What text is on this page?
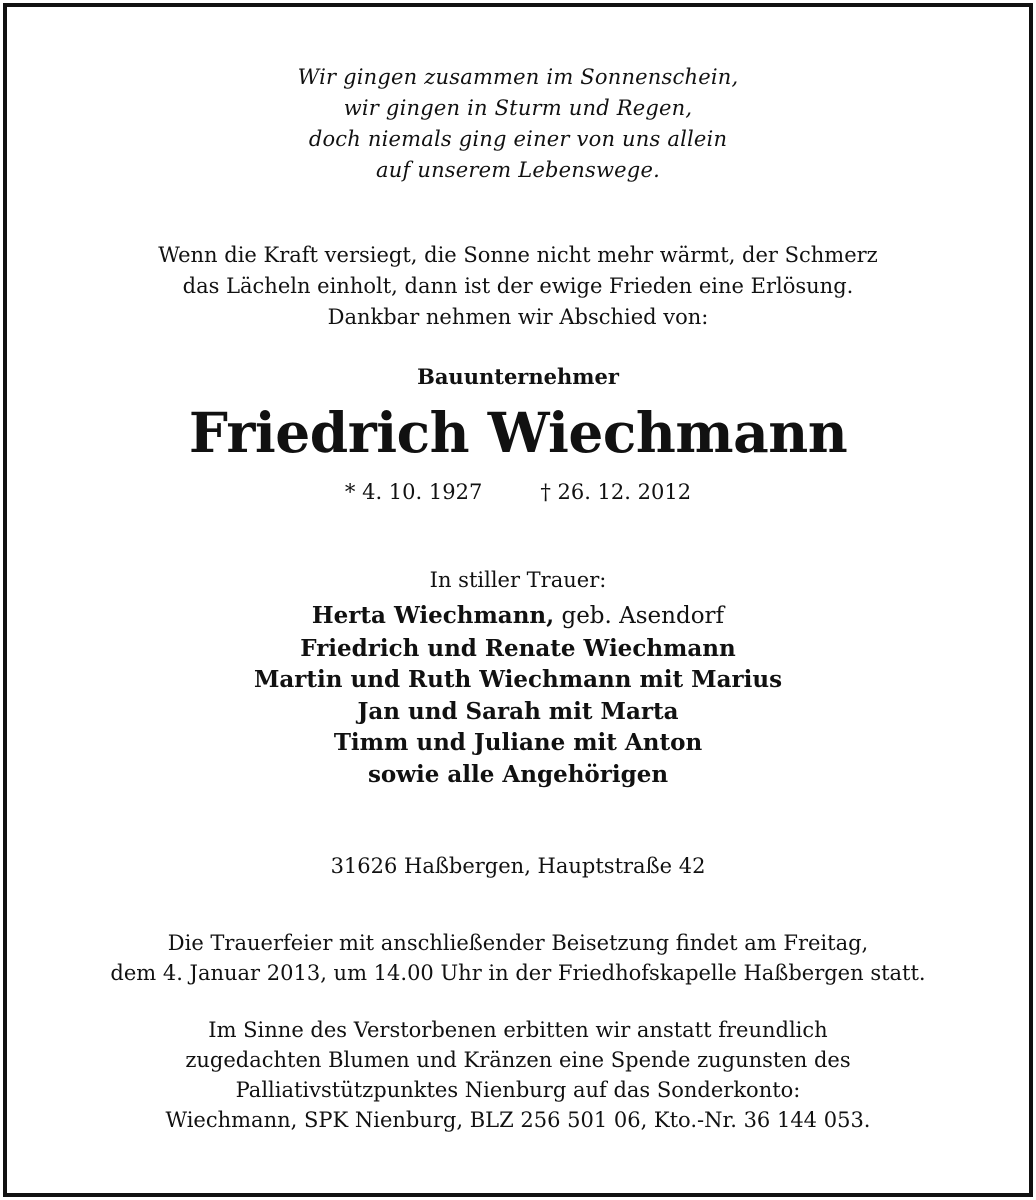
Wir gingen zusammen im Sonnenschein,
wir gingen in Sturm und Regen,
doch niemals ging einer von uns allein
auf unserem Lebenswege.
Wenn die Kraft versiegt, die Sonne nicht mehr wärmt, der Schmerz
das Lächeln einholt, dann ist der ewige Frieden eine Erlösung.
Dankbar nehmen wir Abschied von:
Bauunternehmer
Friedrich Wiechmann
* 4. 10. 1927	† 26. 12. 2012
In stiller Trauer:
Herta Wiechmann, geb. Asendorf
Friedrich und Renate Wiechmann
Martin und Ruth Wiechmann mit Marius
Jan und Sarah mit Marta
Timm und Juliane mit Anton
sowie alle Angehörigen
31626 Haßbergen, Hauptstraße 42
Die Trauerfeier mit anschließender Beisetzung findet am Freitag,
dem 4. Januar 2013, um 14.00 Uhr in der Friedhofskapelle Haßbergen statt.
Im Sinne des Verstorbenen erbitten wir anstatt freundlich
zugedachten Blumen und Kränzen eine Spende zugunsten des
Palliativstützpunktes Nienburg auf das Sonderkonto:
Wiechmann, SPK Nienburg, BLZ 256 501 06, Kto.-Nr. 36 144 053.
